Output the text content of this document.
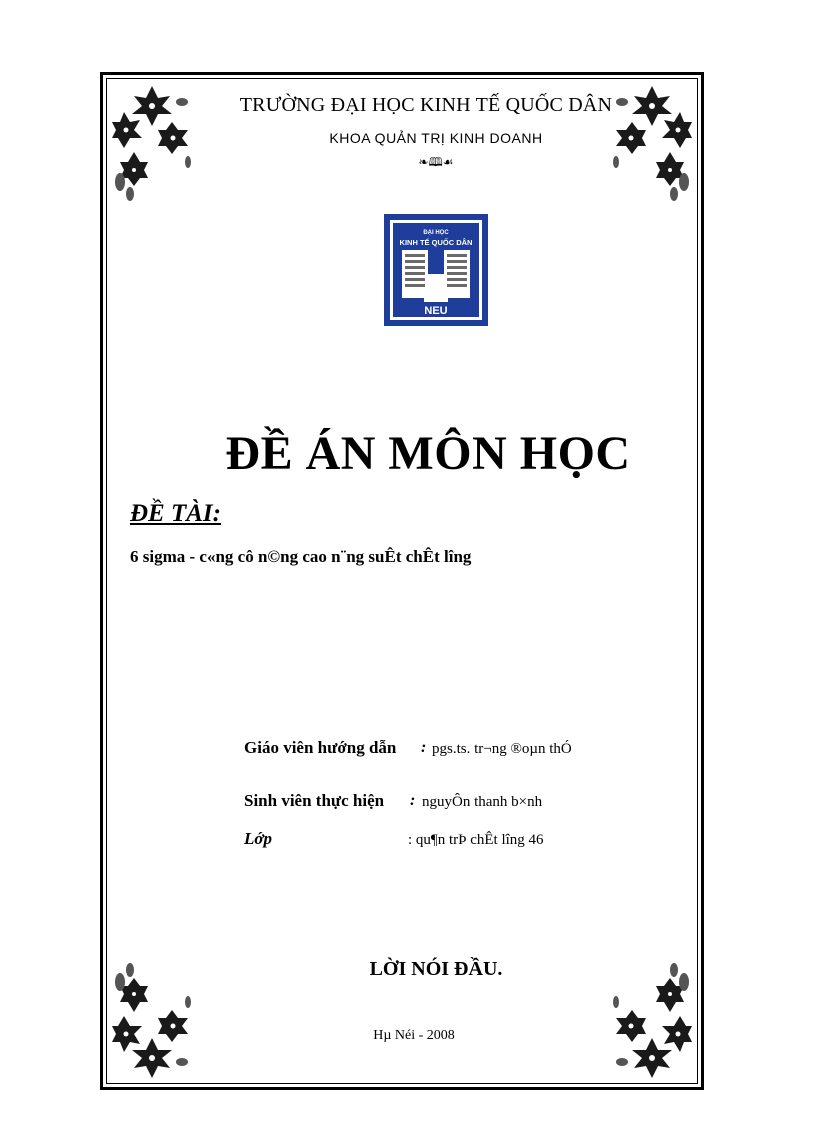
TRƯỜNG ĐẠI HỌC KINH TẾ QUỐC DÂN
KHOA QUẢN TRỊ KINH DOANH
❧🕮☙
ĐẠI HỌC
KINH TẾ QUỐC DÂN
NEU
ĐỀ ÁN MÔN HỌC
ĐỀ TÀI:
6 sigma - c«ng cô n©ng cao n¨ng suÊt chÊt lîng
Giáo viên hướng dẫn : pgs.ts. tr¬ng ®oµn thÓ
Sinh viên thực hiện : nguyÔn thanh b×nh
Lớp	: qu¶n trÞ chÊt lîng 46
LỜI NÓI ĐẦU.
Hµ Néi - 2008
